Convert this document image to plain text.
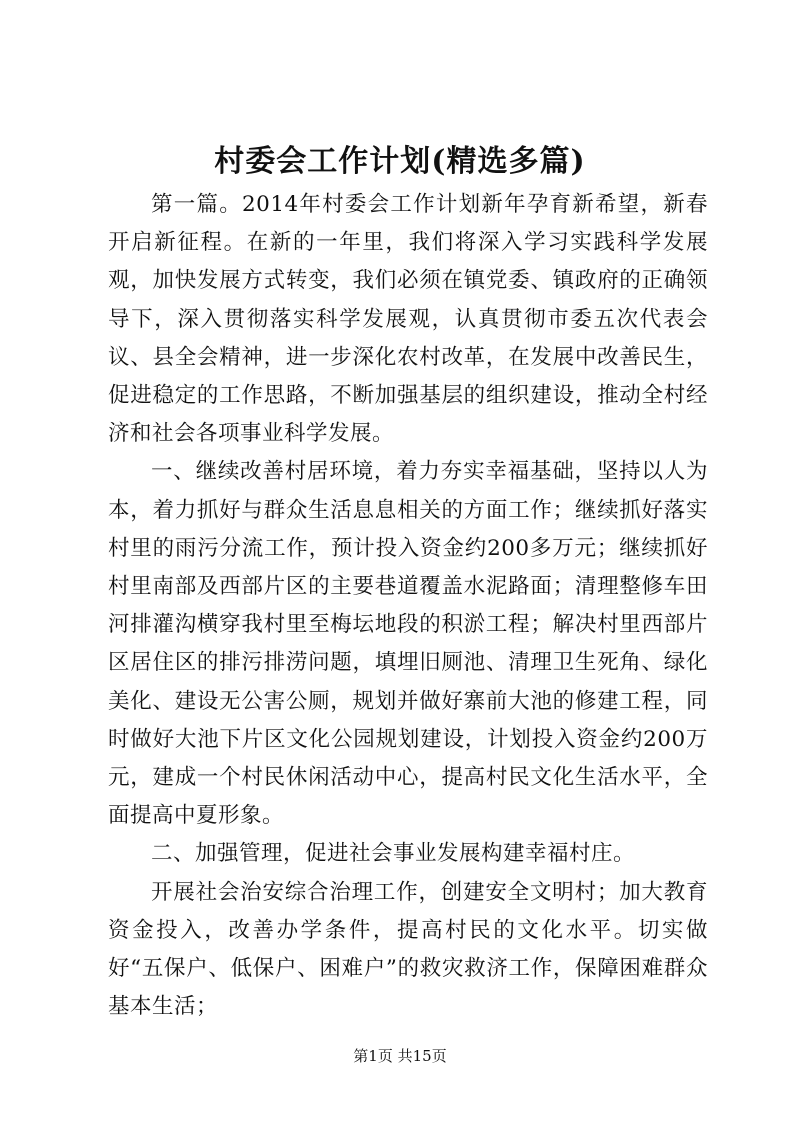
村委会工作计划(精选多篇)

第一篇。2014年村委会工作计划新年孕育新希望，新春开启新征程。在新的一年里，我们将深入学习实践科学发展观，加快发展方式转变，我们必须在镇党委、镇政府的正确领导下，深入贯彻落实科学发展观，认真贯彻市委五次代表会议、县全会精神，进一步深化农村改革，在发展中改善民生，促进稳定的工作思路，不断加强基层的组织建设，推动全村经济和社会各项事业科学发展。

一、继续改善村居环境，着力夯实幸福基础，坚持以人为本，着力抓好与群众生活息息相关的方面工作；继续抓好落实村里的雨污分流工作，预计投入资金约200多万元；继续抓好村里南部及西部片区的主要巷道覆盖水泥路面；清理整修车田河排灌沟横穿我村里至梅坛地段的积淤工程；解决村里西部片区居住区的排污排涝问题，填埋旧厕池、清理卫生死角、绿化美化、建设无公害公厕，规划并做好寨前大池的修建工程，同时做好大池下片区文化公园规划建设，计划投入资金约200万元，建成一个村民休闲活动中心，提高村民文化生活水平，全面提高中夏形象。

二、加强管理，促进社会事业发展构建幸福村庄。

开展社会治安综合治理工作，创建安全文明村；加大教育资金投入，改善办学条件，提高村民的文化水平。切实做好“五保户、低保户、困难户”的救灾救济工作，保障困难群众基本生活；

第1页 共15页
